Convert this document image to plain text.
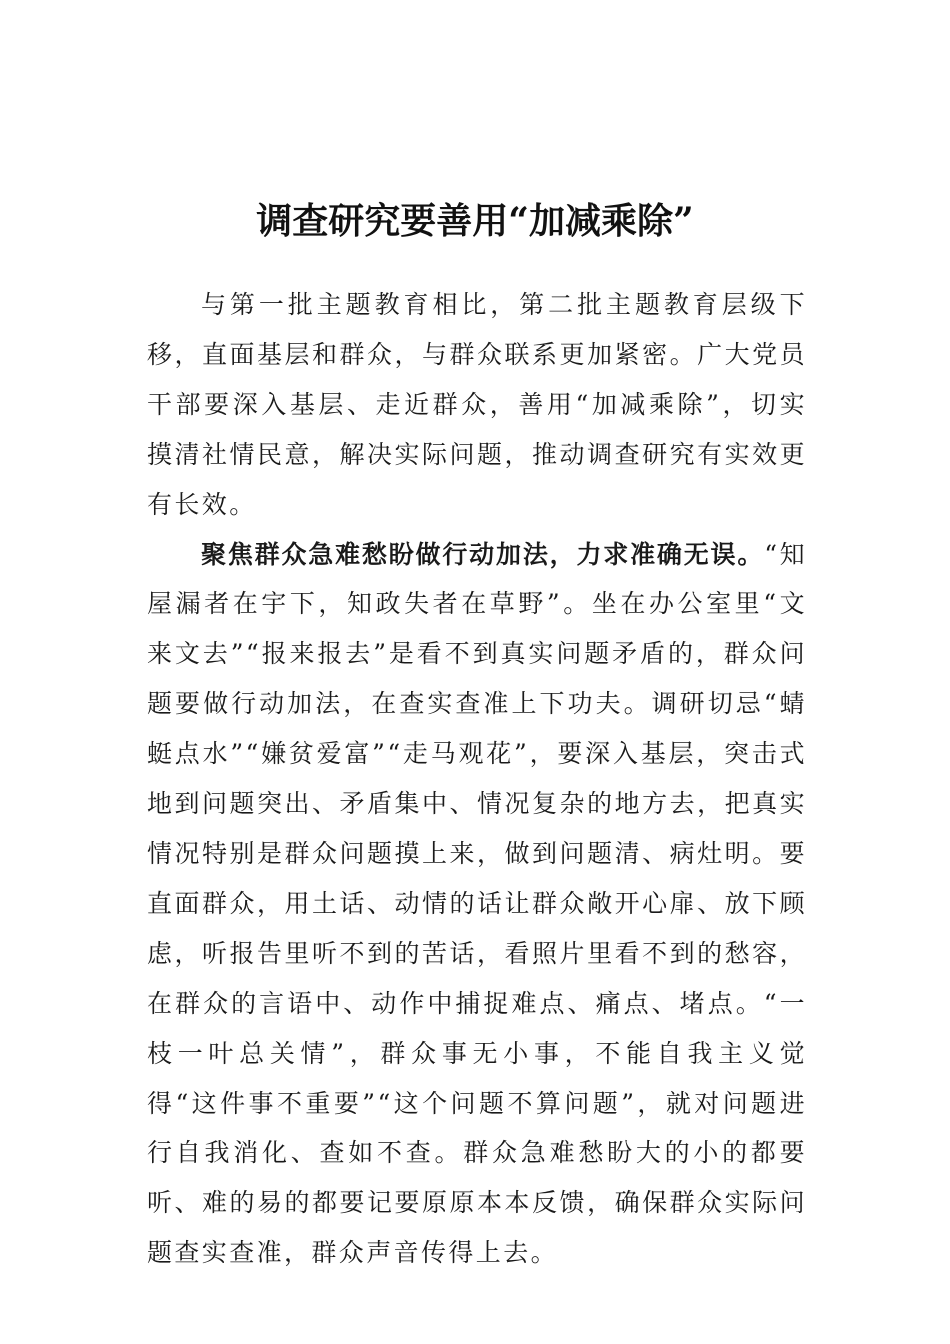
调查研究要善用“加减乘除”

与第一批主题教育相比，第二批主题教育层级下移，直面基层和群众，与群众联系更加紧密。广大党员干部要深入基层、走近群众，善用“加减乘除”，切实摸清社情民意，解决实际问题，推动调查研究有实效更有长效。

聚焦群众急难愁盼做行动加法，力求准确无误。“知屋漏者在宇下，知政失者在草野”。坐在办公室里“文来文去”“报来报去”是看不到真实问题矛盾的，群众问题要做行动加法，在查实查准上下功夫。调研切忌“蜻蜓点水”“嫌贫爱富”“走马观花”，要深入基层，突击式地到问题突出、矛盾集中、情况复杂的地方去，把真实情况特别是群众问题摸上来，做到问题清、病灶明。要直面群众，用土话、动情的话让群众敞开心扉、放下顾虑，听报告里听不到的苦话，看照片里看不到的愁容，在群众的言语中、动作中捕捉难点、痛点、堵点。“一枝一叶总关情”，群众事无小事，不能自我主义觉得“这件事不重要”“这个问题不算问题”，就对问题进行自我消化、查如不查。群众急难愁盼大的小的都要听、难的易的都要记要原原本本反馈，确保群众实际问题查实查准，群众声音传得上去。
